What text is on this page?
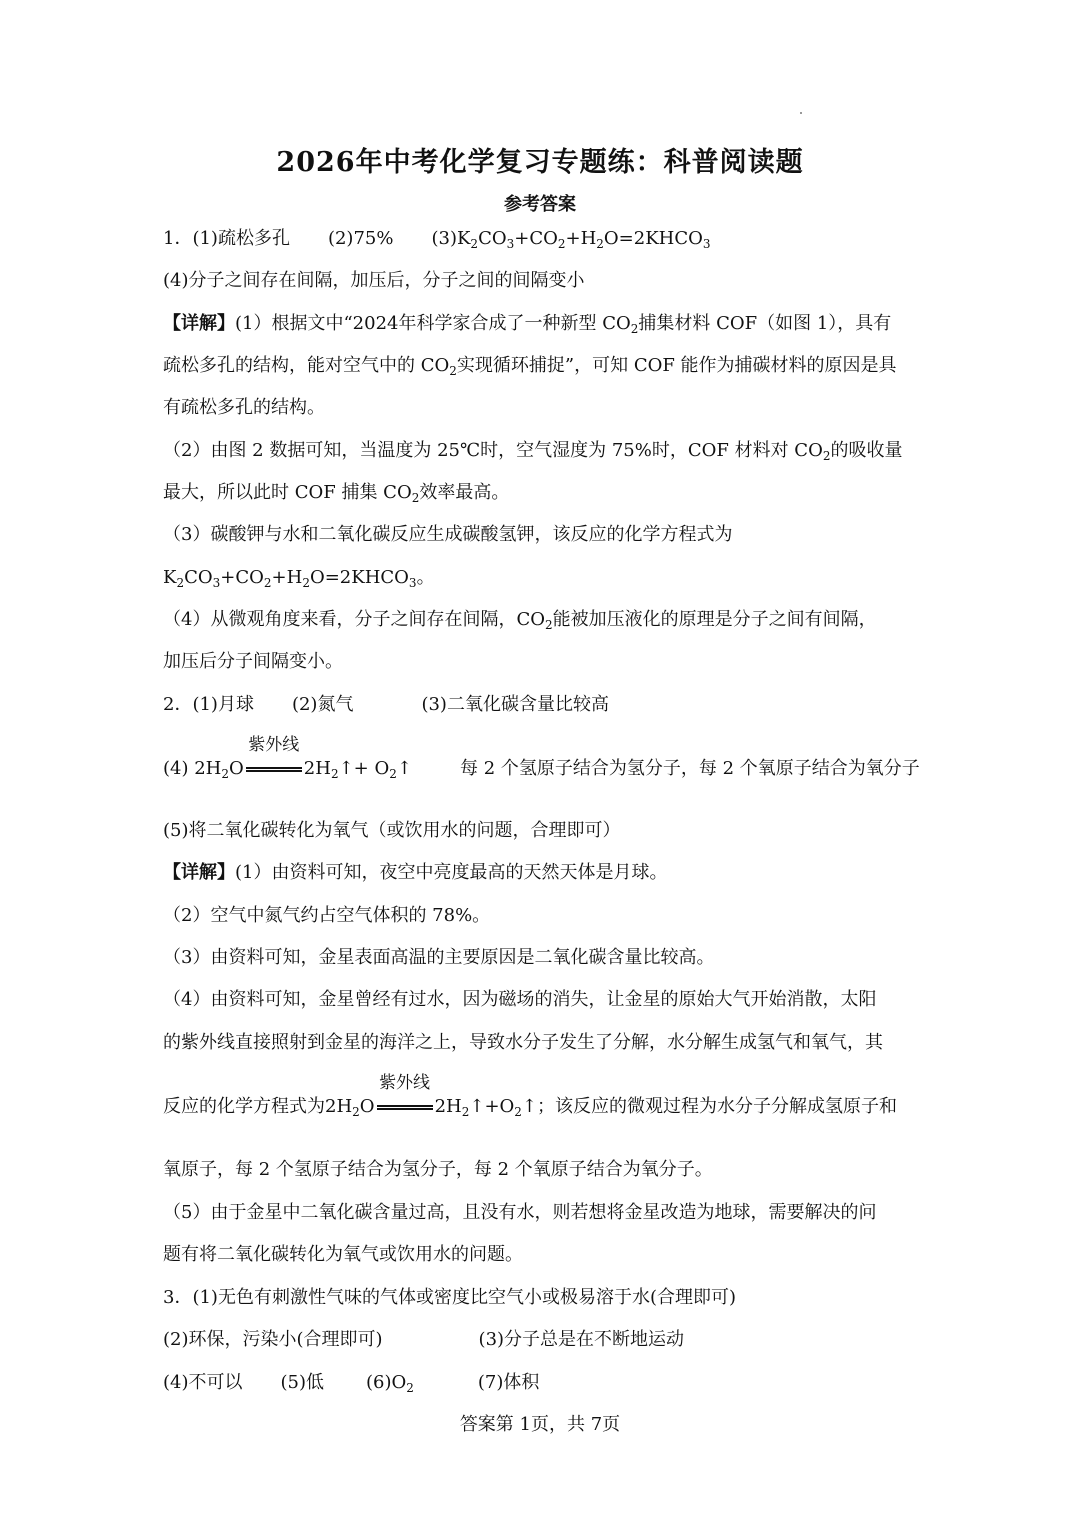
2026年中考化学复习专题练：科普阅读题
参考答案
1．(1)疏松多孔 (2)75% $(3)K_2CO_3+CO_2+H_2O=2KHCO_3$
(4)分子之间存在间隔，加压后，分子之间的间隔变小
【详解】(1）根据文中“2024年科学家合成了一种新型 $CO_2$捕集材料 COF（如图 1），具有
疏松多孔的结构，能对空气中的 $CO_2$实现循环捕捉”，可知 COF 能作为捕碳材料的原因是具
有疏松多孔的结构。
（2）由图 2 数据可知，当温度为 25℃时，空气湿度为 75%时，COF 材料对 $CO_2$的吸收量
最大，所以此时 COF 捕集 $CO_2$效率最高。
（3）碳酸钾与水和二氧化碳反应生成碳酸氢钾，该反应的化学方程式为
$K_2CO_3+CO_2+H_2O=2KHCO_3$。
（4）从微观角度来看，分子之间存在间隔，$CO_2$能被加压液化的原理是分子之间有间隔，
加压后分子间隔变小。
2．(1)月球 (2)氮气	(3)二氧化碳含量比较高
(4) $2H_2O$
紫外线
$2H_2↑+$ $O_2↑$	每 2 个氢原子结合为氢分子，每 2 个氧原子结合为氧分子
(5)将二氧化碳转化为氧气（或饮用水的问题，合理即可）
【详解】(1）由资料可知，夜空中亮度最高的天然天体是月球。
（2）空气中氮气约占空气体积的 78%。
（3）由资料可知，金星表面高温的主要原因是二氧化碳含量比较高。
（4）由资料可知，金星曾经有过水，因为磁场的消失，让金星的原始大气开始消散，太阳
的紫外线直接照射到金星的海洋之上，导致水分子发生了分解，水分解生成氢气和氧气，其
反应的化学方程式为$2H_2O$
紫外线
$2H_2↑+O_2↑$；该反应的微观过程为水分子分解成氢原子和
氧原子，每 2 个氢原子结合为氢分子，每 2 个氧原子结合为氧分子。
（5）由于金星中二氧化碳含量过高，且没有水，则若想将金星改造为地球，需要解决的问
题有将二氧化碳转化为氧气或饮用水的问题。
3．(1)无色有刺激性气味的气体或密度比空气小或极易溶于水(合理即可)
(2)环保，污染小(合理即可)	(3)分子总是在不断地运动
(4)不可以 (5)低 $(6)O_2$	(7)体积
答案第 1页，共 7页
